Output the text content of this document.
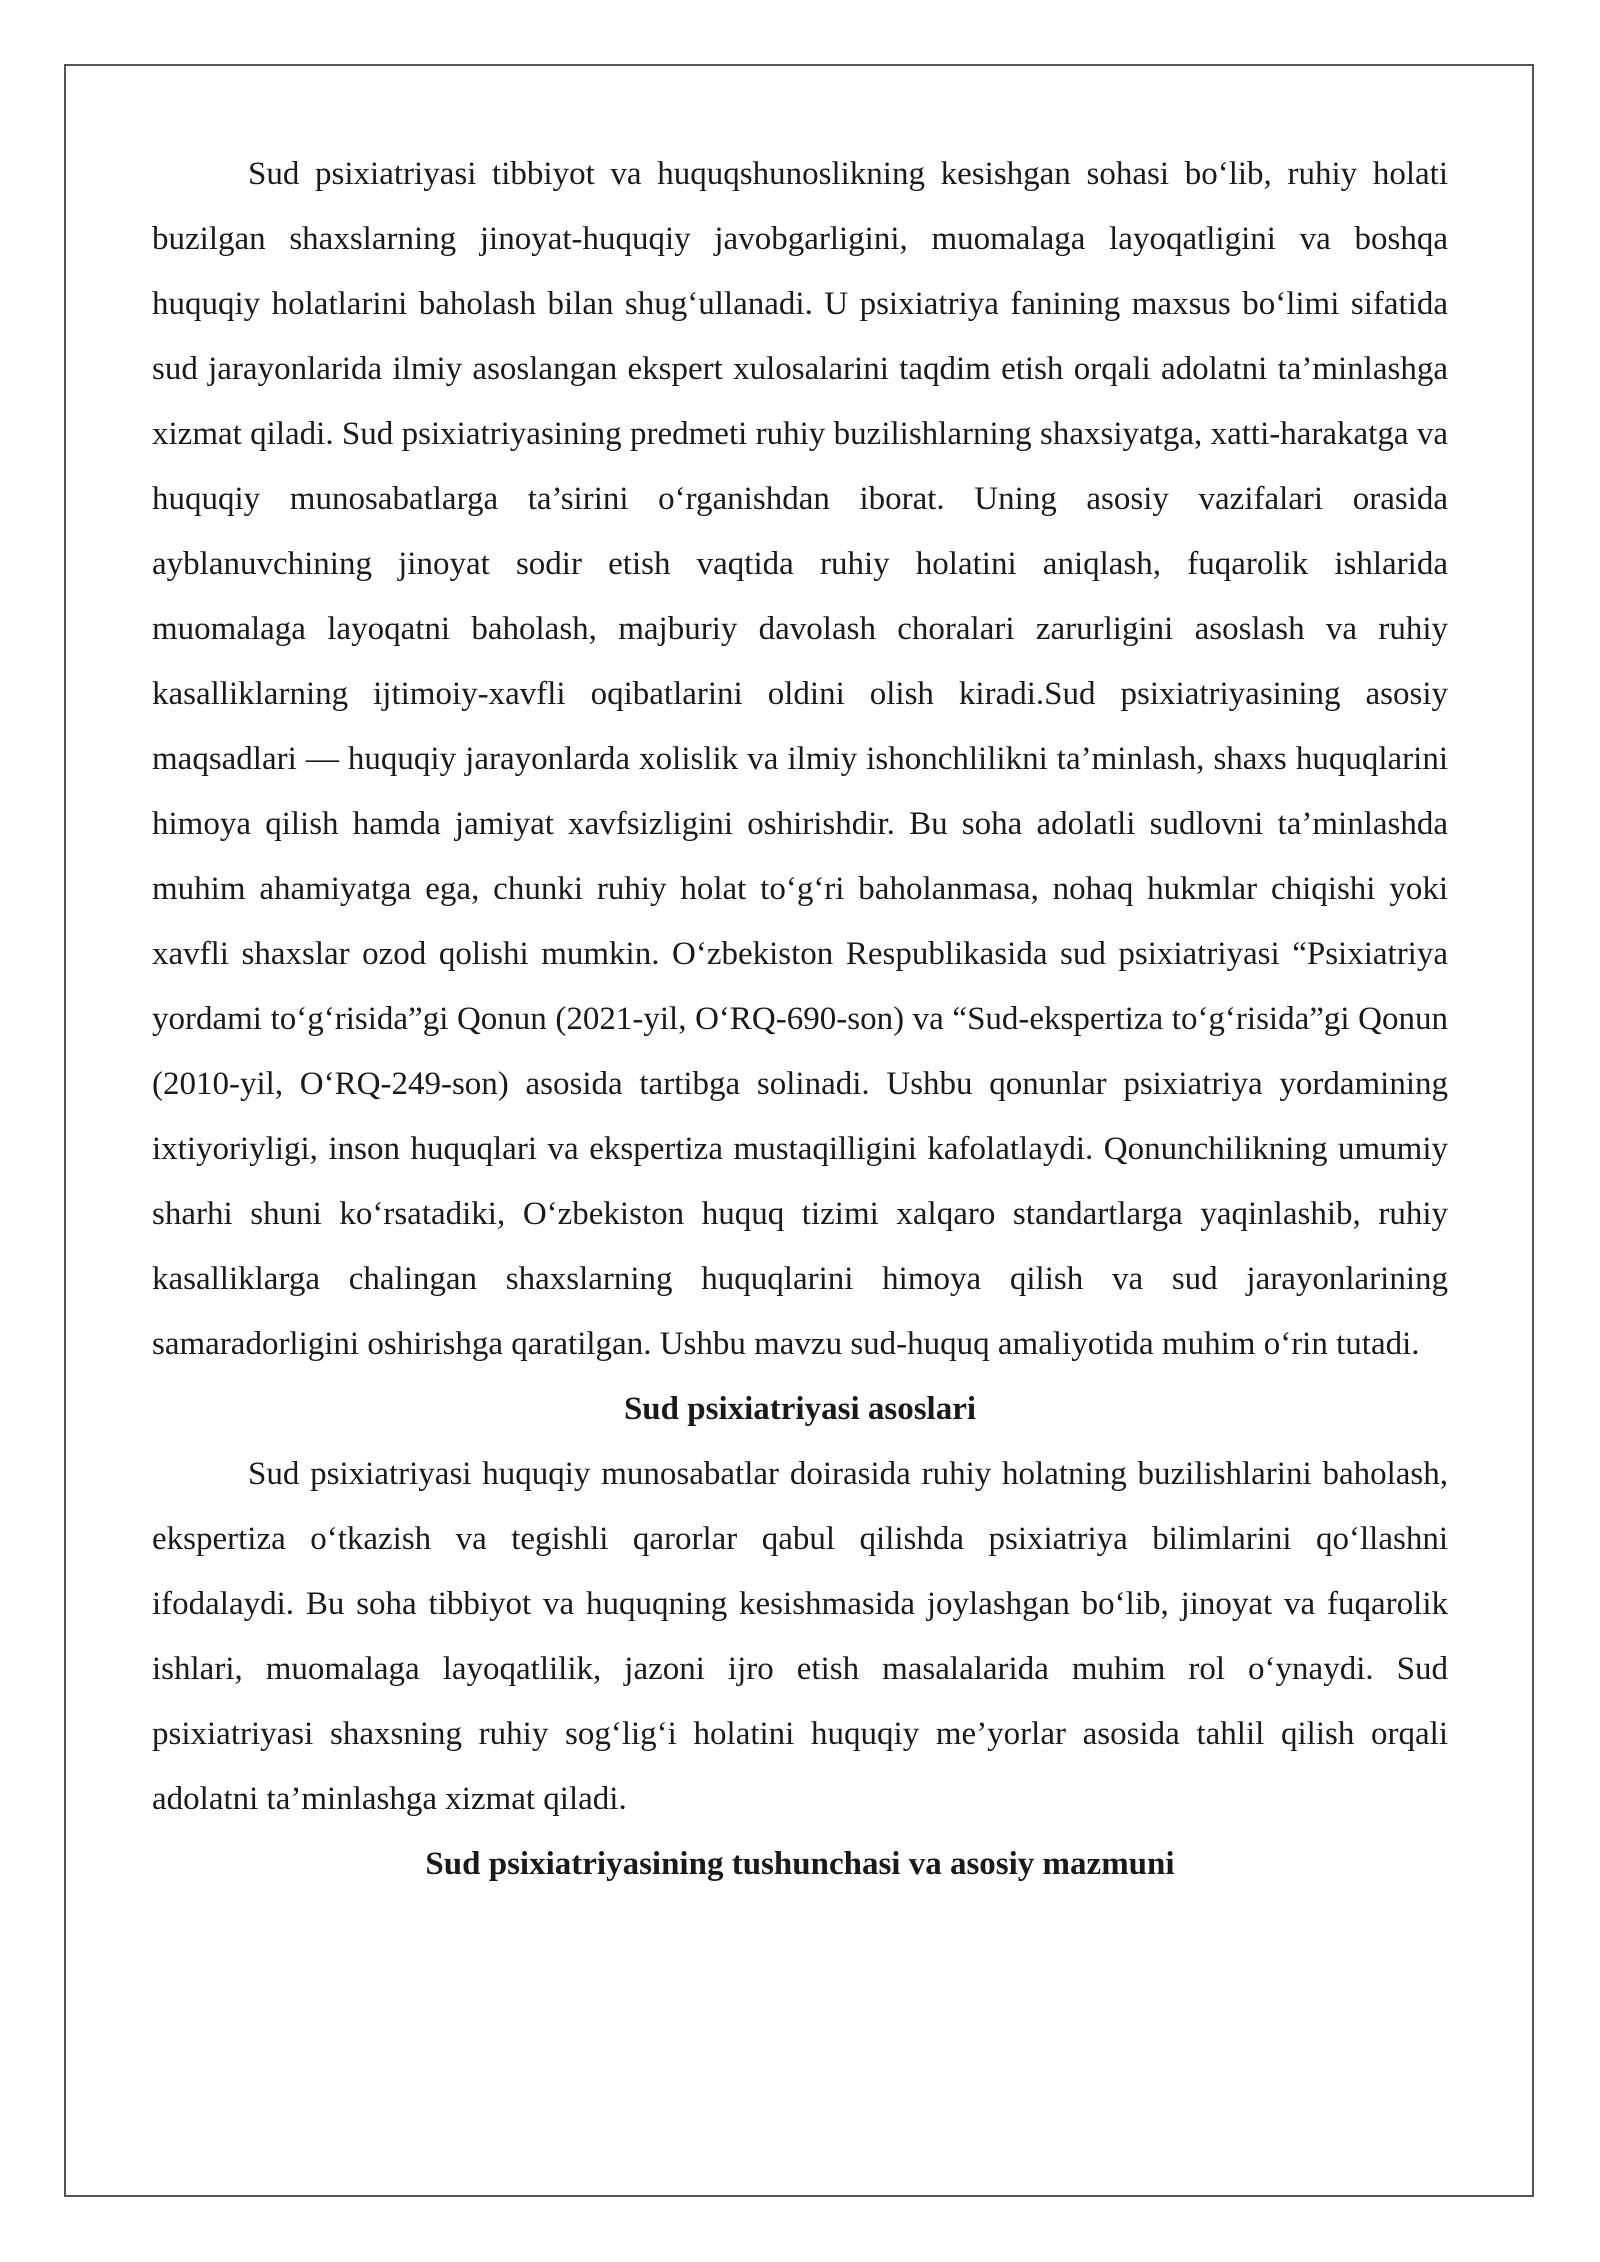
Sud psixiatriyasi tibbiyot va huquqshunoslikning kesishgan sohasi bo‘lib, ruhiy holati buzilgan shaxslarning jinoyat-huquqiy javobgarligini, muomalaga layoqatligini va boshqa huquqiy holatlarini baholash bilan shug‘ullanadi. U psixiatriya fanining maxsus bo‘limi sifatida sud jarayonlarida ilmiy asoslangan ekspert xulosalarini taqdim etish orqali adolatni ta’minlashga xizmat qiladi. Sud psixiatriyasining predmeti ruhiy buzilishlarning shaxsiyatga, xatti-harakatga va huquqiy munosabatlarga ta’sirini o‘rganishdan iborat. Uning asosiy vazifalari orasida ayblanuvchining jinoyat sodir etish vaqtida ruhiy holatini aniqlash, fuqarolik ishlarida muomalaga layoqatni baholash, majburiy davolash choralari zarurligini asoslash va ruhiy kasalliklarning ijtimoiy-xavfli oqibatlarini oldini olish kiradi.Sud psixiatriyasining asosiy maqsadlari — huquqiy jarayonlarda xolislik va ilmiy ishonchlilikni ta’minlash, shaxs huquqlarini himoya qilish hamda jamiyat xavfsizligini oshirishdir. Bu soha adolatli sudlovni ta’minlashda muhim ahamiyatga ega, chunki ruhiy holat to‘g‘ri baholanmasa, nohaq hukmlar chiqishi yoki xavfli shaxslar ozod qolishi mumkin. O‘zbekiston Respublikasida sud psixiatriyasi “Psixiatriya yordami to‘g‘risida”gi Qonun (2021-yil, O‘RQ-690-son) va “Sud-ekspertiza to‘g‘risida”gi Qonun (2010-yil, O‘RQ-249-son) asosida tartibga solinadi. Ushbu qonunlar psixiatriya yordamining ixtiyoriyligi, inson huquqlari va ekspertiza mustaqilligini kafolatlaydi. Qonunchilikning umumiy sharhi shuni ko‘rsatadiki, O‘zbekiston huquq tizimi xalqaro standartlarga yaqinlashib, ruhiy kasalliklarga chalingan shaxslarning huquqlarini himoya qilish va sud jarayonlarining samaradorligini oshirishga qaratilgan. Ushbu mavzu sud-huquq amaliyotida muhim o‘rin tutadi.

Sud psixiatriyasi asoslari

Sud psixiatriyasi huquqiy munosabatlar doirasida ruhiy holatning buzilishlarini baholash, ekspertiza o‘tkazish va tegishli qarorlar qabul qilishda psixiatriya bilimlarini qo‘llashni ifodalaydi. Bu soha tibbiyot va huquqning kesishmasida joylashgan bo‘lib, jinoyat va fuqarolik ishlari, muomalaga layoqatlilik, jazoni ijro etish masalalarida muhim rol o‘ynaydi. Sud psixiatriyasi shaxsning ruhiy sog‘lig‘i holatini huquqiy me’yorlar asosida tahlil qilish orqali adolatni ta’minlashga xizmat qiladi.

Sud psixiatriyasining tushunchasi va asosiy mazmuni
